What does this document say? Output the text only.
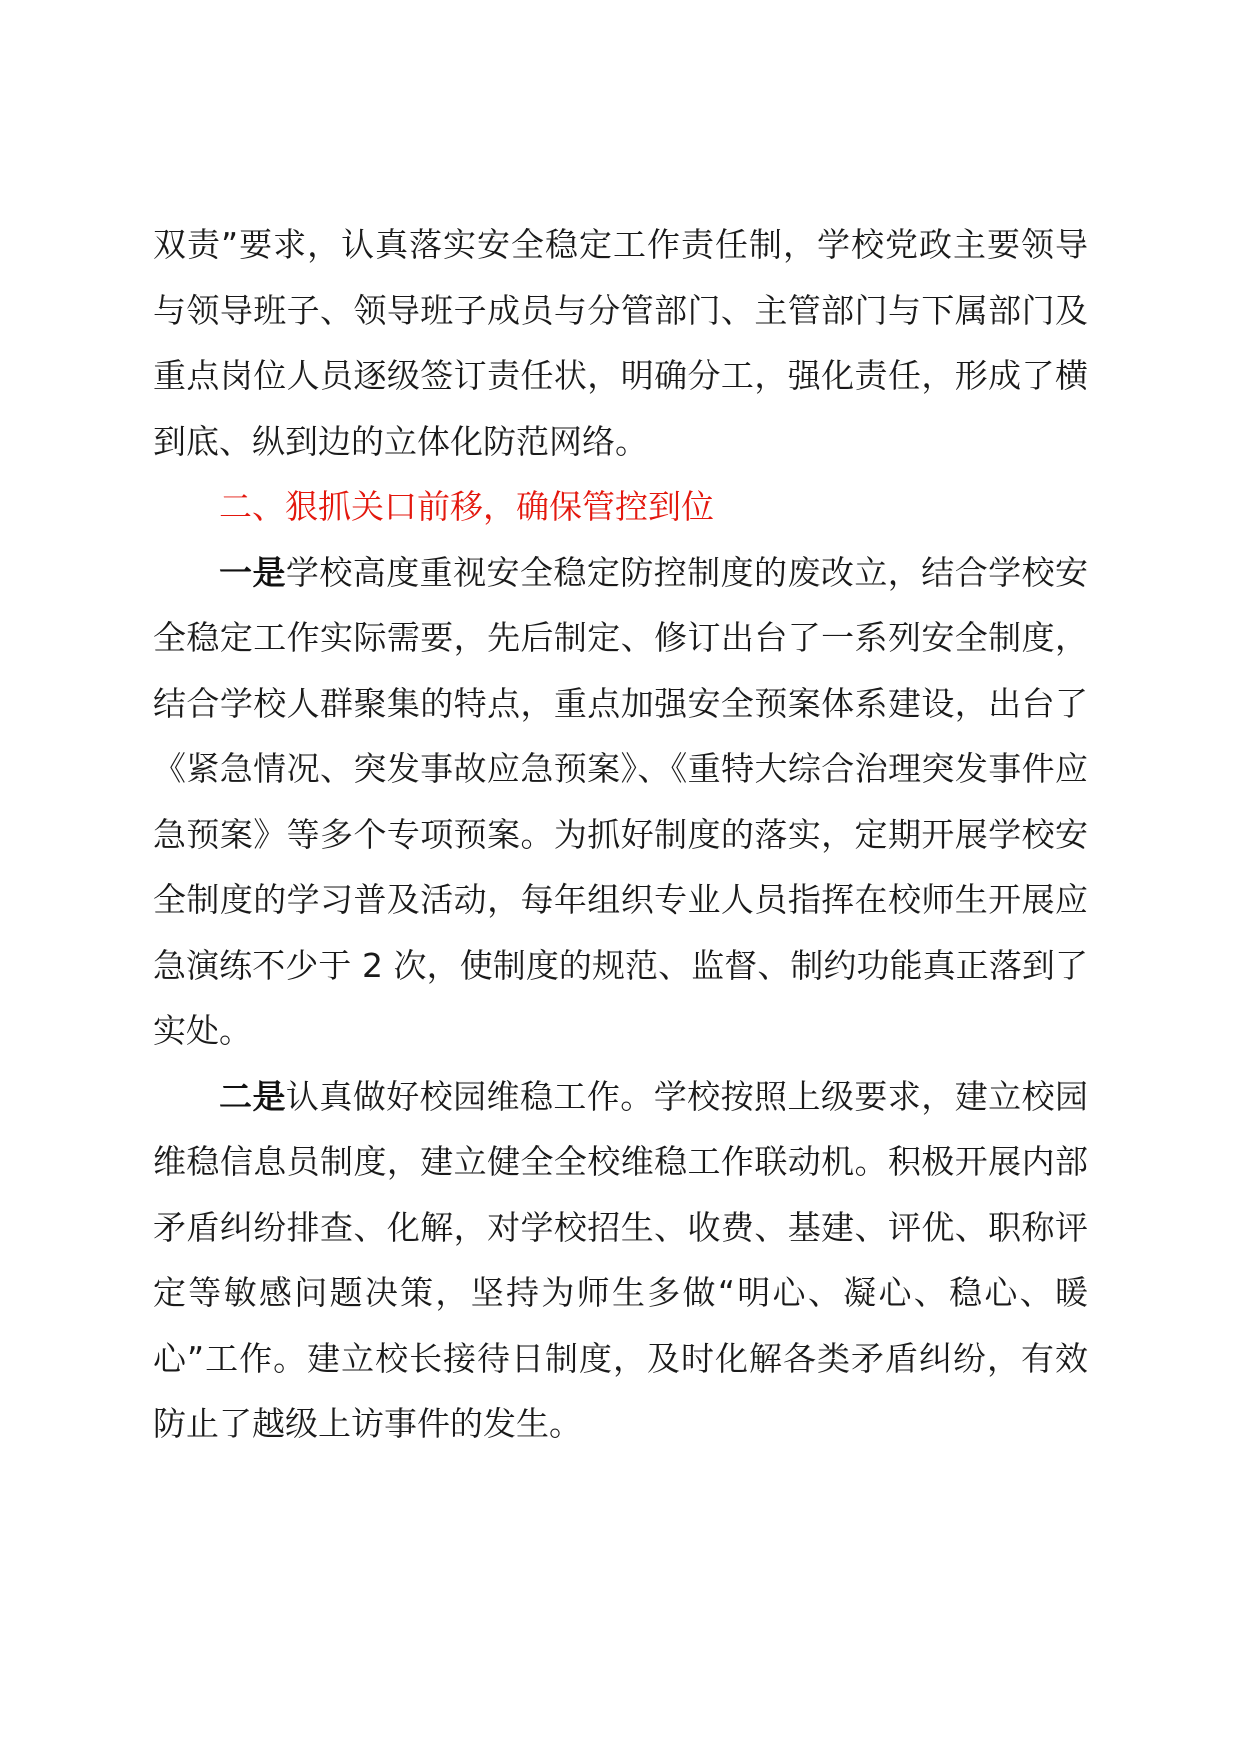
双责”要求，认真落实安全稳定工作责任制，学校党政主要领导与领导班子、领导班子成员与分管部门、主管部门与下属部门及重点岗位人员逐级签订责任状，明确分工，强化责任，形成了横到底、纵到边的立体化防范网络。

二、狠抓关口前移，确保管控到位

一是学校高度重视安全稳定防控制度的废改立，结合学校安全稳定工作实际需要，先后制定、修订出台了一系列安全制度，结合学校人群聚集的特点，重点加强安全预案体系建设，出台了《紧急情况、突发事故应急预案》、《重特大综合治理突发事件应急预案》等多个专项预案。为抓好制度的落实，定期开展学校安全制度的学习普及活动，每年组织专业人员指挥在校师生开展应急演练不少于 2 次，使制度的规范、监督、制约功能真正落到了实处。

二是认真做好校园维稳工作。学校按照上级要求，建立校园维稳信息员制度，建立健全全校维稳工作联动机。积极开展内部矛盾纠纷排查、化解，对学校招生、收费、基建、评优、职称评定等敏感问题决策，坚持为师生多做“明心、凝心、稳心、暖心”工作。建立校长接待日制度，及时化解各类矛盾纠纷，有效防止了越级上访事件的发生。
